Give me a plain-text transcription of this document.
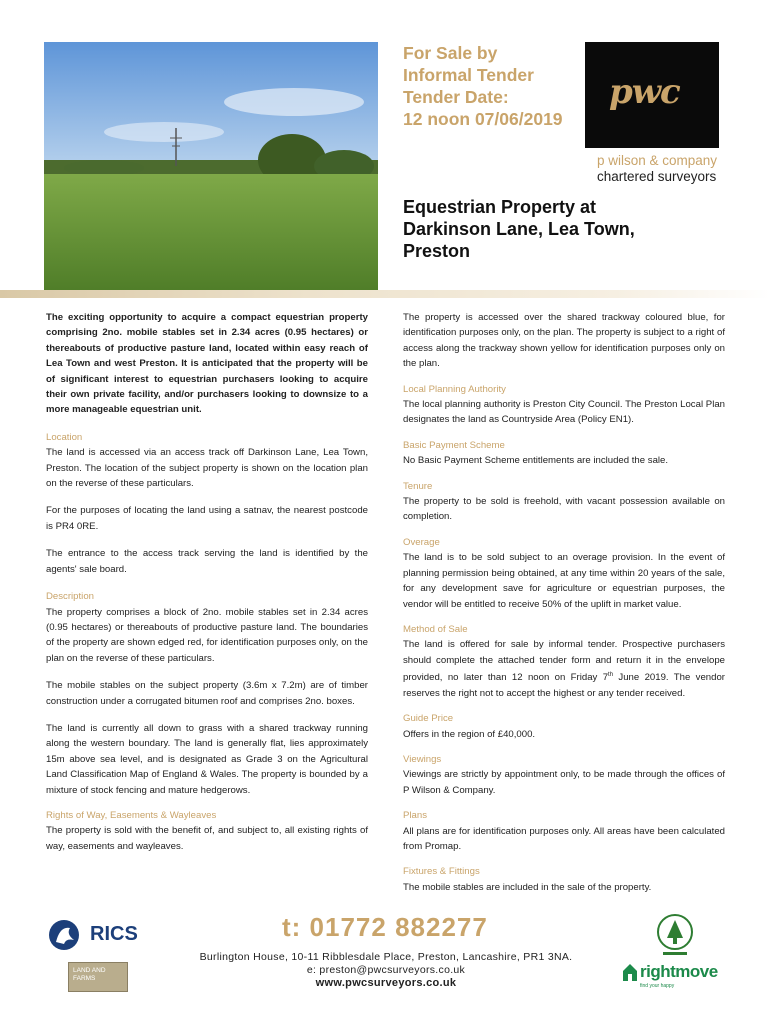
For Sale by
Informal Tender
Tender Date:
12 noon 07/06/2019
pwc
p wilson & company
chartered surveyors
Equestrian Property at
Darkinson Lane, Lea Town,
Preston

The exciting opportunity to acquire a compact equestrian property comprising 2no. mobile stables set in 2.34 acres (0.95 hectares) or thereabouts of productive pasture land, located within easy reach of Lea Town and west Preston. It is anticipated that the property will be of significant interest to equestrian purchasers looking to acquire their own private facility, and/or purchasers looking to downsize to a more manageable equestrian unit.

Location

The land is accessed via an access track off Darkinson Lane, Lea Town, Preston. The location of the subject property is shown on the location plan on the reverse of these particulars.

For the purposes of locating the land using a satnav, the nearest postcode is PR4 0RE.

The entrance to the access track serving the land is identified by the agents' sale board.

Description

The property comprises a block of 2no. mobile stables set in 2.34 acres (0.95 hectares) or thereabouts of productive pasture land. The boundaries of the property are shown edged red, for identification purposes only, on the plan on the reverse of these particulars.

The mobile stables on the subject property (3.6m x 7.2m) are of timber construction under a corrugated bitumen roof and comprises 2no. boxes.

The land is currently all down to grass with a shared trackway running along the western boundary. The land is generally flat, lies approximately 15m above sea level, and is designated as Grade 3 on the Agricultural Land Classification Map of England & Wales. The property is bounded by a mixture of stock fencing and mature hedgerows.

Rights of Way, Easements & Wayleaves

The property is sold with the benefit of, and subject to, all existing rights of way, easements and wayleaves.

The property is accessed over the shared trackway coloured blue, for identification purposes only, on the plan. The property is subject to a right of access along the trackway shown yellow for identification purposes only on the plan.

Local Planning Authority

The local planning authority is Preston City Council. The Preston Local Plan designates the land as Countryside Area (Policy EN1).

Basic Payment Scheme

No Basic Payment Scheme entitlements are included the sale.

Tenure

The property to be sold is freehold, with vacant possession available on completion.

Overage

The land is to be sold subject to an overage provision. In the event of planning permission being obtained, at any time within 20 years of the sale, for any development save for agriculture or equestrian purposes, the vendor will be entitled to receive 50% of the uplift in market value.

Method of Sale

The land is offered for sale by informal tender. Prospective purchasers should complete the attached tender form and return it in the envelope provided, no later than 12 noon on Friday 7th June 2019. The vendor reserves the right not to accept the highest or any tender received.

Guide Price

Offers in the region of £40,000.

Viewings

Viewings are strictly by appointment only, to be made through the offices of P Wilson & Company.

Plans

All plans are for identification purposes only. All areas have been calculated from Promap.

Fixtures & Fittings

The mobile stables are included in the sale of the property.

RICS
LAND AND FARMS
t: 01772 882277
Burlington House, 10-11 Ribblesdale Place, Preston, Lancashire, PR1 3NA.
e: preston@pwcsurveyors.co.uk
www.pwcsurveyors.co.uk
rightmove
find your happy
